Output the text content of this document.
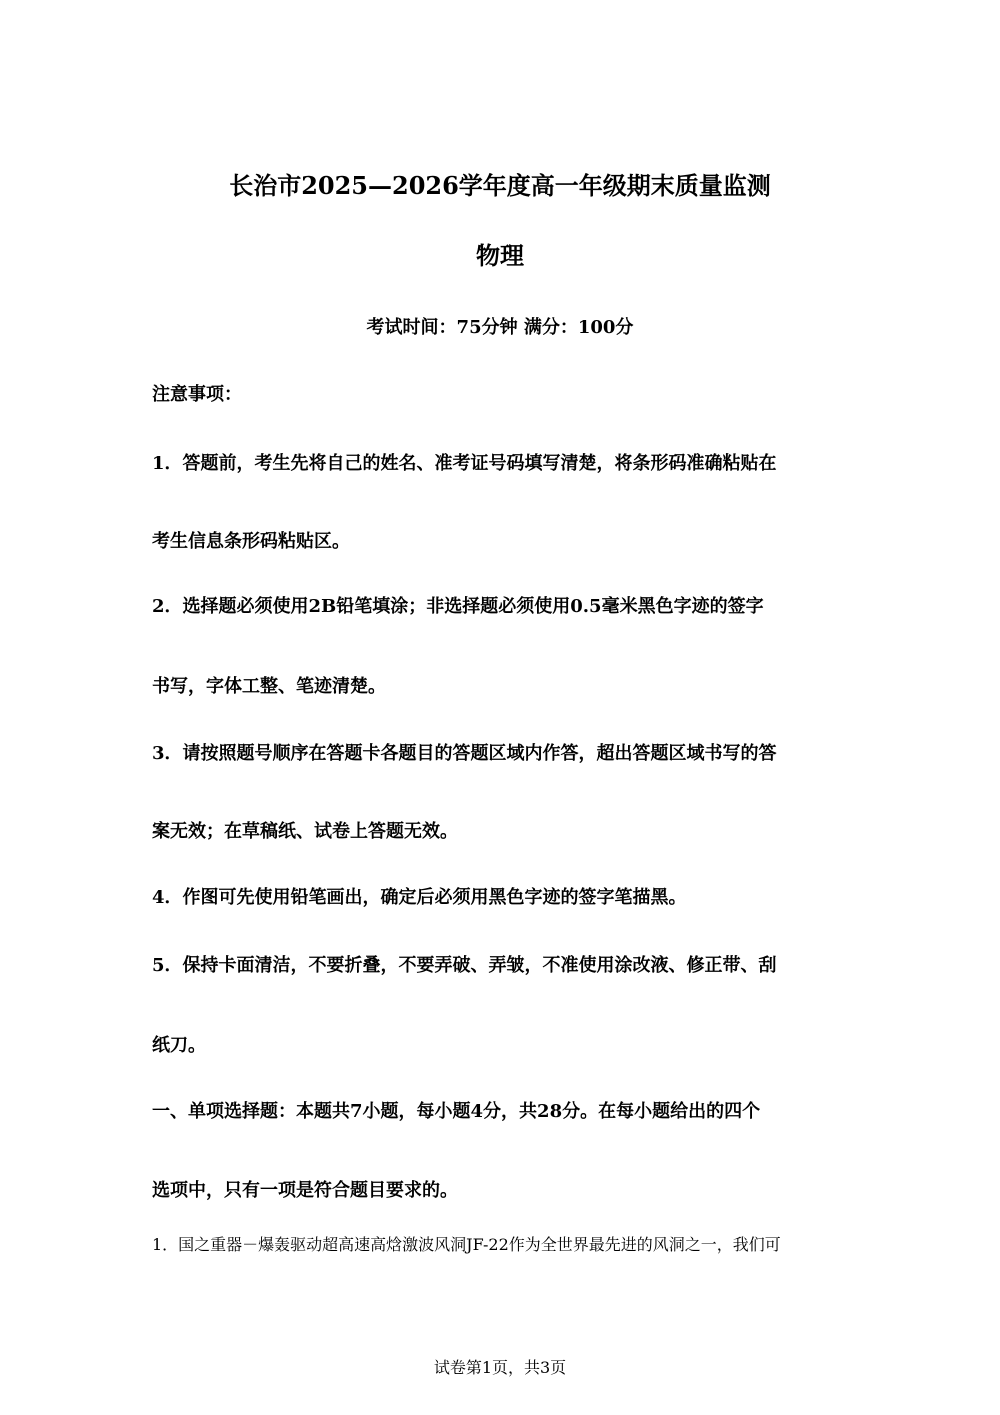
长治市2025—2026学年度高一年级期末质量监测
物理
考试时间：75分钟 满分：100分
注意事项：
1．答题前，考生先将自己的姓名、准考证号码填写清楚，将条形码准确粘贴在
考生信息条形码粘贴区。
2．选择题必须使用2B铅笔填涂；非选择题必须使用0.5毫米黑色字迹的签字
书写，字体工整、笔迹清楚。
3．请按照题号顺序在答题卡各题目的答题区域内作答，超出答题区域书写的答
案无效；在草稿纸、试卷上答题无效。
4．作图可先使用铅笔画出，确定后必须用黑色字迹的签字笔描黑。
5．保持卡面清洁，不要折叠，不要弄破、弄皱，不准使用涂改液、修正带、刮
纸刀。
一、单项选择题：本题共7小题，每小题4分，共28分。在每小题给出的四个
选项中，只有一项是符合题目要求的。
1．国之重器－爆轰驱动超高速高焓激波风洞JF-22作为全世界最先进的风洞之一，我们可
试卷第1页，共3页
